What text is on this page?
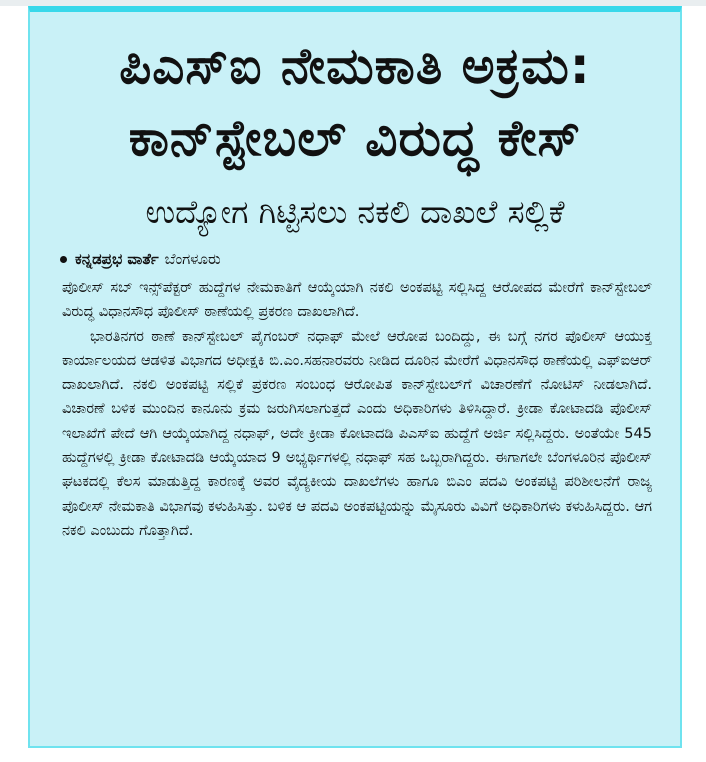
ಪಿಎಸ್‌ಐ ನೇಮಕಾತಿ ಅಕ್ರಮ:
ಕಾನ್‌ಸ್ಟೇಬಲ್ ವಿರುದ್ಧ ಕೇಸ್
ಉದ್ಯೋಗ ಗಿಟ್ಟಿಸಲು ನಕಲಿ ದಾಖಲೆ ಸಲ್ಲಿಕೆ
ಕನ್ನಡಪ್ರಭ ವಾರ್ತೆ ಬೆಂಗಳೂರು

ಪೊಲೀಸ್ ಸಬ್ ಇನ್ಸ್‌ಪೆಕ್ಟರ್ ಹುದ್ದೆಗಳ ನೇಮಕಾತಿಗೆ ಆಯ್ಕೆಯಾಗಿ ನಕಲಿ ಅಂಕಪಟ್ಟಿ ಸಲ್ಲಿಸಿದ್ದ ಆರೋಪದ ಮೇರೆಗೆ ಕಾನ್‌ಸ್ಟೇಬಲ್ ವಿರುದ್ಧ ವಿಧಾನಸೌಧ ಪೊಲೀಸ್ ಠಾಣೆಯಲ್ಲಿ ಪ್ರಕರಣ ದಾಖಲಾಗಿದೆ.

ಭಾರತಿನಗರ ಠಾಣೆ ಕಾನ್‌ಸ್ಟೇಬಲ್ ಪೈಗಂಬರ್ ನಧಾಫ್ ಮೇಲೆ ಆರೋಪ ಬಂದಿದ್ದು, ಈ ಬಗ್ಗೆ ನಗರ ಪೊಲೀಸ್ ಆಯುಕ್ತ ಕಾರ್ಯಾಲಯದ ಆಡಳಿತ ವಿಭಾಗದ ಅಧೀಕ್ಷಕಿ ಬಿ.ಎಂ.ಸಹನಾರವರು ನೀಡಿದ ದೂರಿನ ಮೇರೆಗೆ ವಿಧಾನಸೌಧ ಠಾಣೆಯಲ್ಲಿ ಎಫ್‌ಐಆರ್ ದಾಖಲಾಗಿದೆ. ನಕಲಿ ಅಂಕಪಟ್ಟಿ ಸಲ್ಲಿಕೆ ಪ್ರಕರಣ ಸಂಬಂಧ ಆರೋಪಿತ ಕಾನ್‌ಸ್ಟೇಬಲ್‌ಗೆ ವಿಚಾರಣೆಗೆ ನೋಟಿಸ್ ನೀಡಲಾಗಿದೆ. ವಿಚಾರಣೆ ಬಳಿಕ ಮುಂದಿನ ಕಾನೂನು ಕ್ರಮ ಜರುಗಿಸಲಾಗುತ್ತದೆ ಎಂದು ಅಧಿಕಾರಿಗಳು ತಿಳಿಸಿದ್ದಾರೆ. ಕ್ರೀಡಾ ಕೋಟಾದಡಿ ಪೊಲೀಸ್ ಇಲಾಖೆಗೆ ಪೇದೆ ಆಗಿ ಆಯ್ಕೆಯಾಗಿದ್ದ ನಧಾಫ್, ಅದೇ ಕ್ರೀಡಾ ಕೋಟಾದಡಿ ಪಿಎಸ್‌ಐ ಹುದ್ದೆಗೆ ಅರ್ಜಿ ಸಲ್ಲಿಸಿದ್ದರು. ಅಂತೆಯೇ 545 ಹುದ್ದೆಗಳಲ್ಲಿ ಕ್ರೀಡಾ ಕೋಟಾದಡಿ ಆಯ್ಕೆಯಾದ 9 ಅಭ್ಯರ್ಥಿಗಳಲ್ಲಿ ನಧಾಫ್ ಸಹ ಒಬ್ಬರಾಗಿದ್ದರು. ಈಗಾಗಲೇ ಬೆಂಗಳೂರಿನ ಪೊಲೀಸ್ ಘಟಕದಲ್ಲಿ ಕೆಲಸ ಮಾಡುತ್ತಿದ್ದ ಕಾರಣಕ್ಕೆ ಅವರ ವೈದ್ಯಕೀಯ ದಾಖಲೆಗಳು ಹಾಗೂ ಬಿಎಂ ಪದವಿ ಅಂಕಪಟ್ಟಿ ಪರಿಶೀಲನೆಗೆ ರಾಜ್ಯ ಪೊಲೀಸ್ ನೇಮಕಾತಿ ವಿಭಾಗವು ಕಳುಹಿಸಿತ್ತು. ಬಳಿಕ ಆ ಪದವಿ ಅಂಕಪಟ್ಟಿಯನ್ನು ಮೈಸೂರು ವಿವಿಗೆ ಅಧಿಕಾರಿಗಳು ಕಳುಹಿಸಿದ್ದರು. ಆಗ ನಕಲಿ ಎಂಬುದು ಗೊತ್ತಾಗಿದೆ.
